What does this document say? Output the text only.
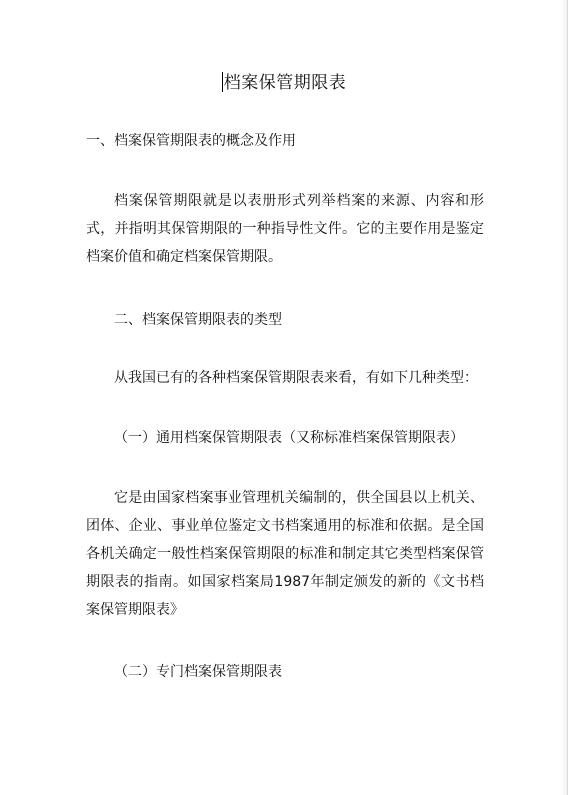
档案保管期限表
一、档案保管期限表的概念及作用
档案保管期限就是以表册形式列举档案的来源、内容和形式，并指明其保管期限的一种指导性文件。它的主要作用是鉴定档案价值和确定档案保管期限。
二、档案保管期限表的类型
从我国已有的各种档案保管期限表来看，有如下几种类型：
（一）通用档案保管期限表（又称标准档案保管期限表）
它是由国家档案事业管理机关编制的，供全国县以上机关、团体、企业、事业单位鉴定文书档案通用的标准和依据。是全国各机关确定一般性档案保管期限的标准和制定其它类型档案保管期限表的指南。如国家档案局1987年制定颁发的新的《文书档案保管期限表》
（二）专门档案保管期限表
